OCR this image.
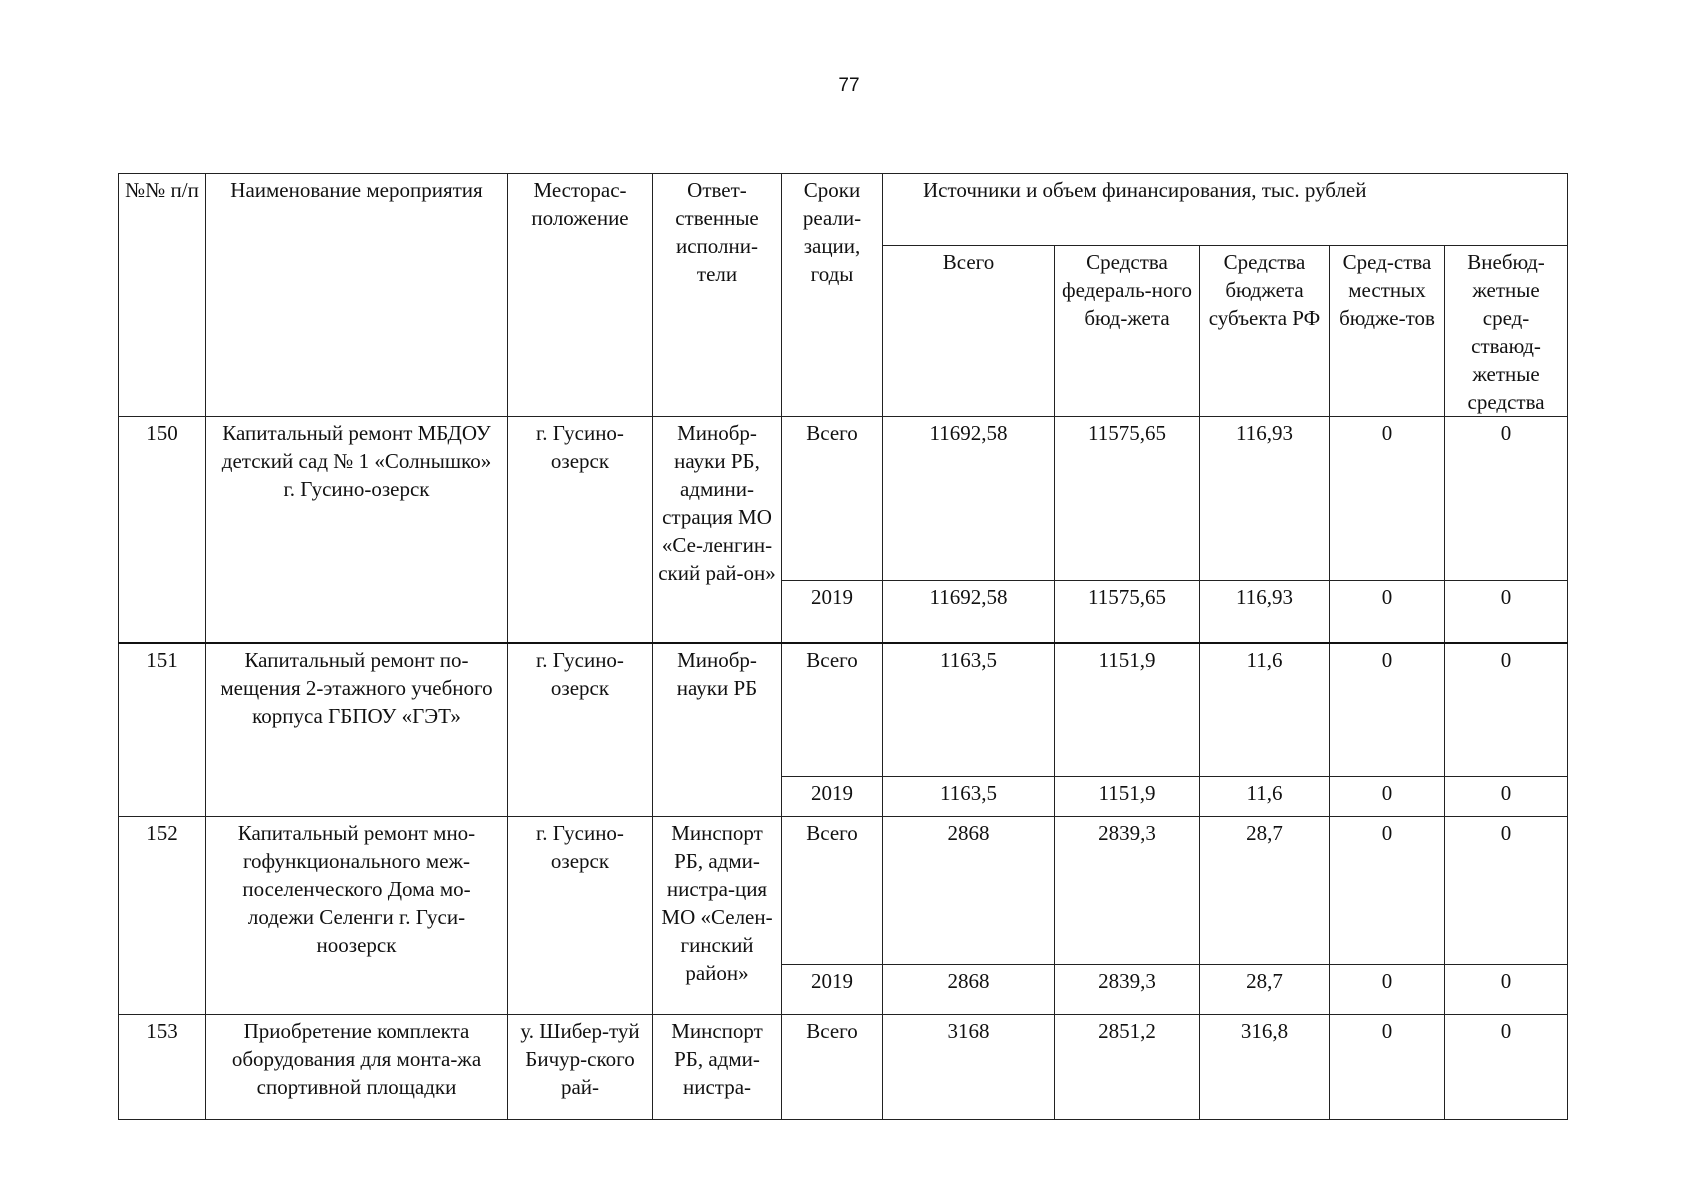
77
№№ п/п	Наименование мероприятия	Месторас-положение	Ответ-ственные исполни-тели	Сроки реали-зации, годы	Источники и объем финансирования, тыс. рублей				
					Всего	Средства федераль-ного бюд-жета	Средства бюджета субъекта РФ	Сред-ства местных бюдже-тов	Внебюд-жетные сред-стваюд-жетные средства
150	Капитальный ремонт МБДОУ детский сад № 1 «Солнышко» г. Гусино-озерск	г. Гусино-озерск	Минобр-науки РБ, админи-страция МО «Се-ленгин-ский рай-он»	Всего	11692,58	11575,65	116,93	0	0
				2019	11692,58	11575,65	116,93	0	0
151	Капитальный ремонт по-мещения 2-этажного учебного корпуса ГБПОУ «ГЭТ»	г. Гусино-озерск	Минобр-науки РБ	Всего	1163,5	1151,9	11,6	0	0
				2019	1163,5	1151,9	11,6	0	0
152	Капитальный ремонт мно-гофункционального меж-поселенческого Дома мо-лодежи Селенги г. Гуси-ноозерск	г. Гусино-озерск	Минспорт РБ, адми-нистра-ция МО «Селен-гинский район»	Всего	2868	2839,3	28,7	0	0
				2019	2868	2839,3	28,7	0	0
153	Приобретение комплекта оборудования для монта-жа спортивной площадки	у. Шибер-туй Бичур-ского рай-	Минспорт РБ, адми-нистра-	Всего	3168	2851,2	316,8	0	0
